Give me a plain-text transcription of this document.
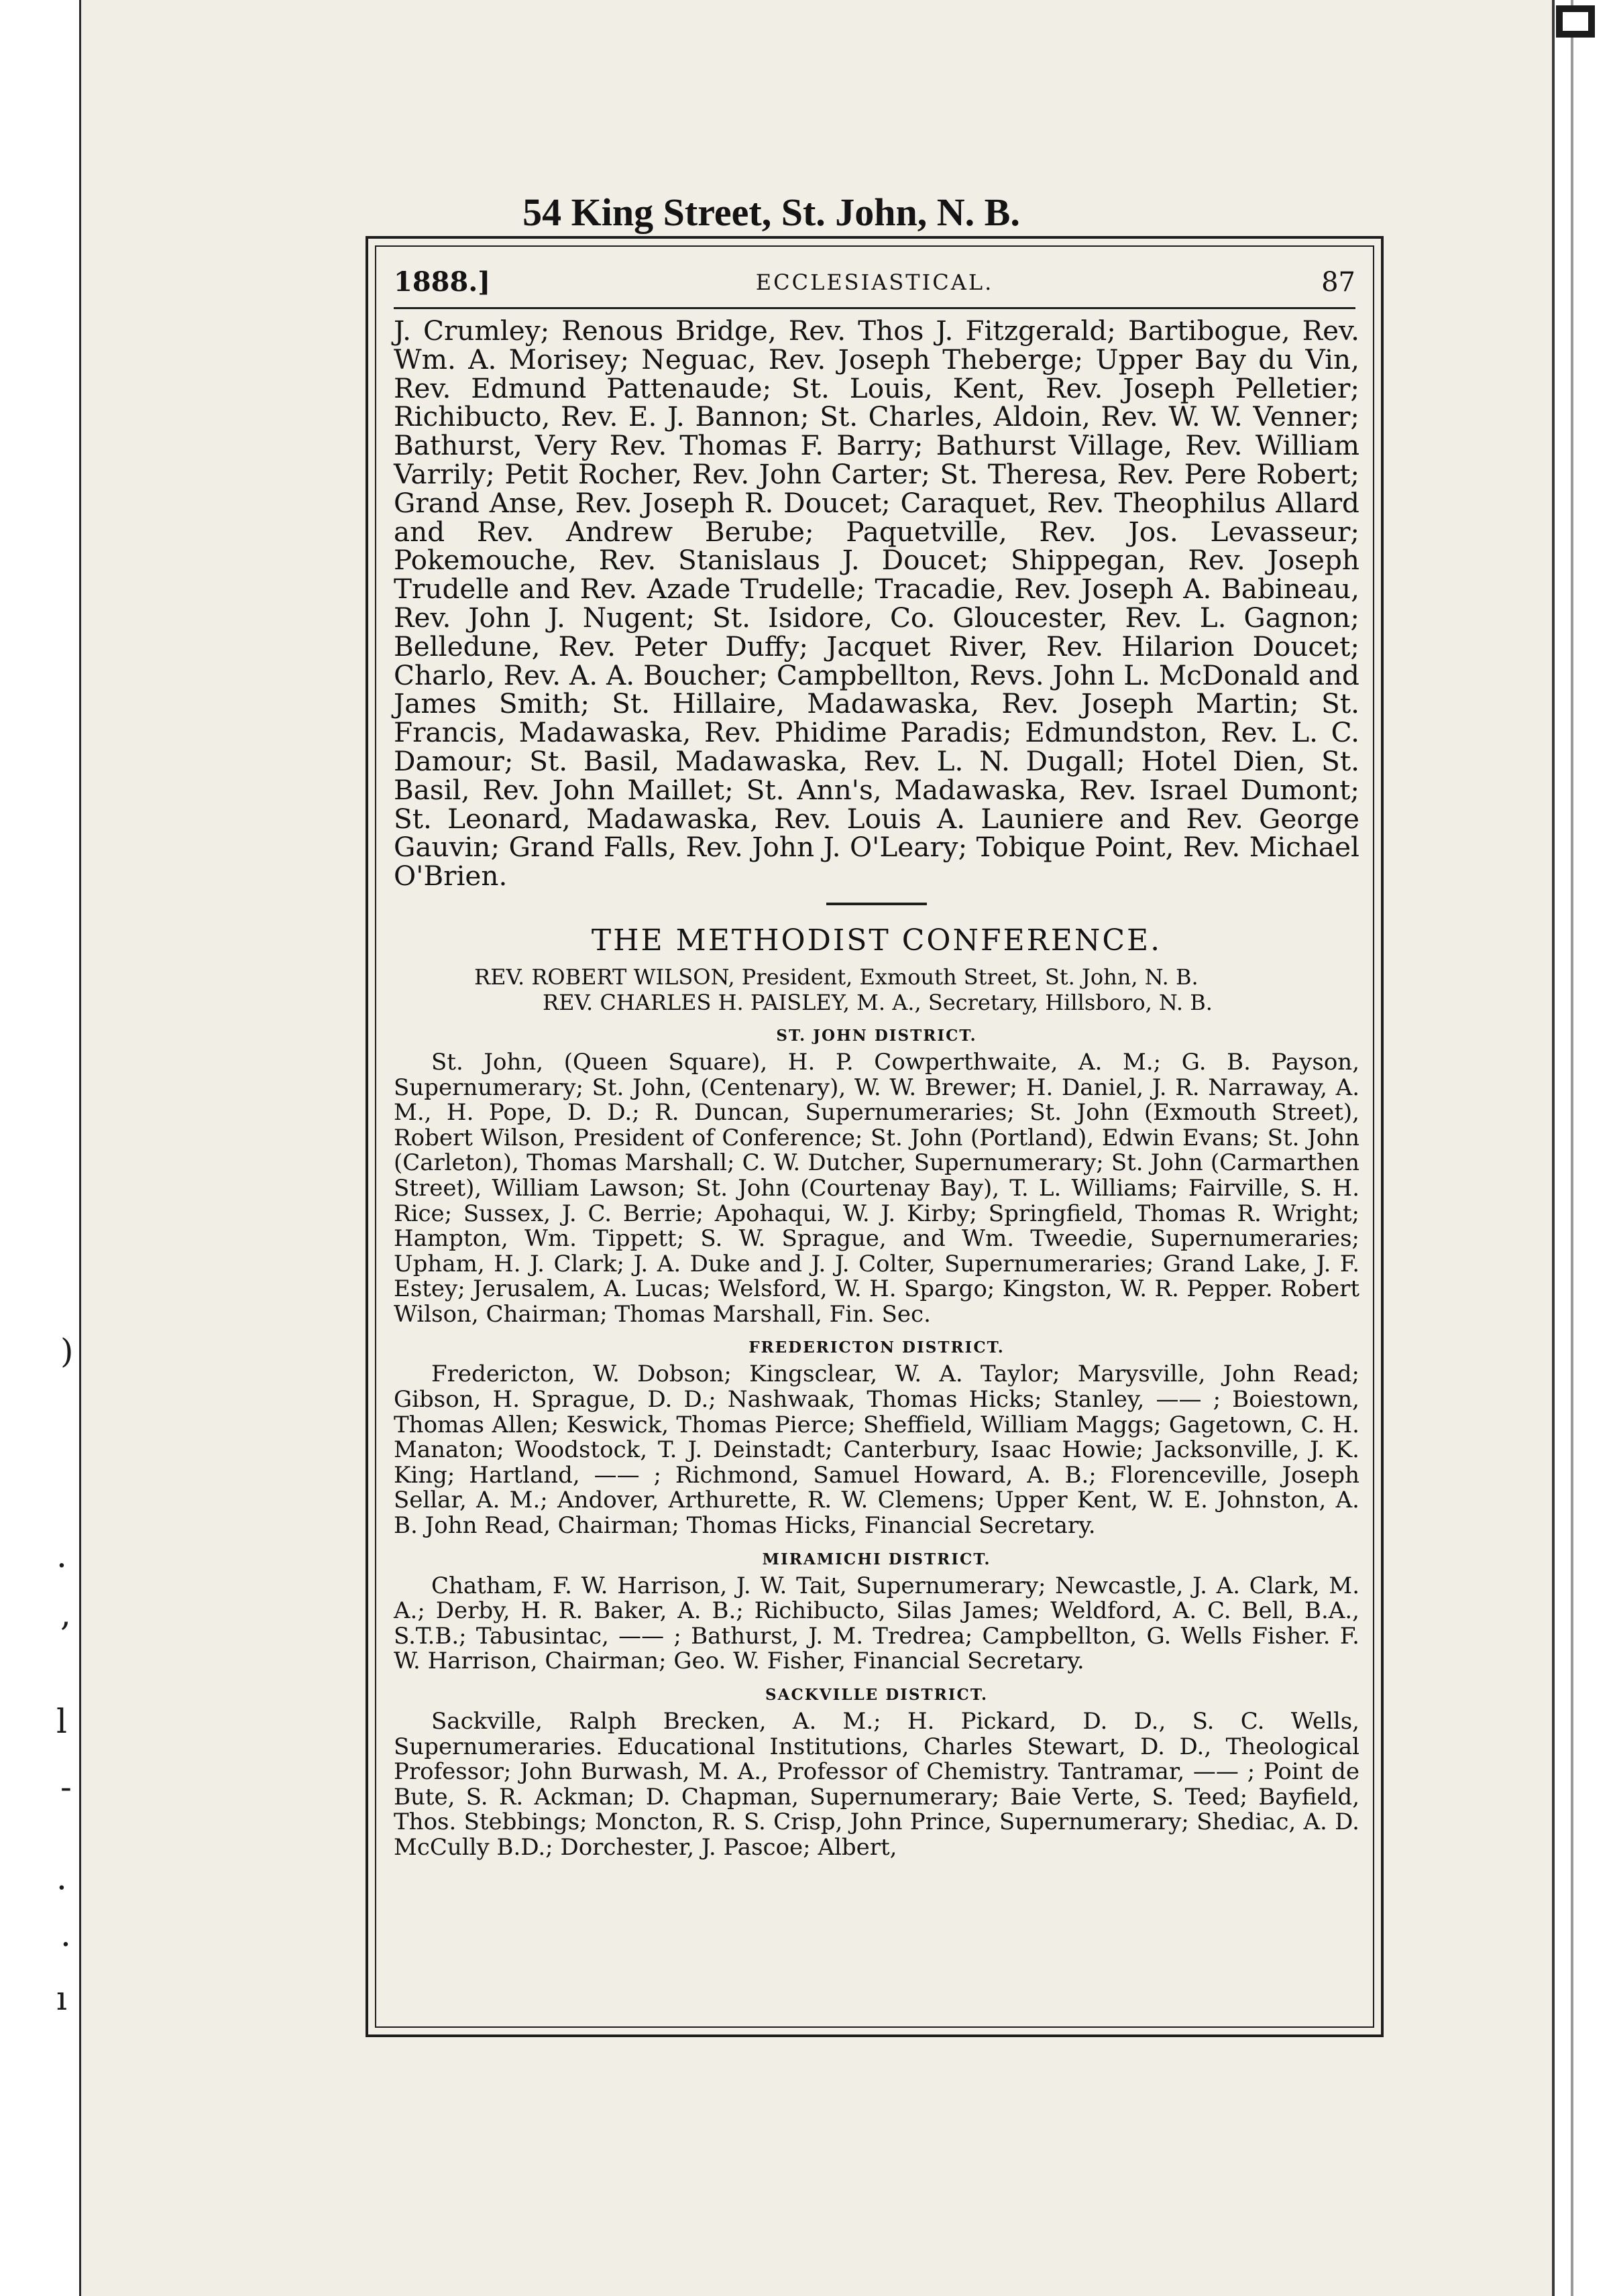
)
.
,
l
-
·
.
ı
54 King Street, St. John, N. B.
1888.]	ECCLESIASTICAL.	87

J. Crumley; Renous Bridge, Rev. Thos J. Fitzgerald; Bartibogue, Rev. Wm. A. Morisey; Neguac, Rev. Joseph Theberge; Upper Bay du Vin, Rev. Edmund Pattenaude; St. Louis, Kent, Rev. Joseph Pelletier; Richibucto, Rev. E. J. Bannon; St. Charles, Aldoin, Rev. W. W. Venner; Bathurst, Very Rev. Thomas F. Barry; Bathurst Village, Rev. William Varrily; Petit Rocher, Rev. John Carter; St. Theresa, Rev. Pere Robert; Grand Anse, Rev. Joseph R. Doucet; Caraquet, Rev. Theophilus Allard and Rev. Andrew Berube; Paquetville, Rev. Jos. Levasseur; Pokemouche, Rev. Stanislaus J. Doucet; Shippegan, Rev. Joseph Trudelle and Rev. Azade Trudelle; Tracadie, Rev. Joseph A. Babineau, Rev. John J. Nugent; St. Isidore, Co. Gloucester, Rev. L. Gagnon; Belledune, Rev. Peter Duffy; Jacquet River, Rev. Hilarion Doucet; Charlo, Rev. A. A. Boucher; Campbellton, Revs. John L. McDonald and James Smith; St. Hillaire, Madawaska, Rev. Joseph Martin; St. Francis, Madawaska, Rev. Phidime Paradis; Edmundston, Rev. L. C. Damour; St. Basil, Madawaska, Rev. L. N. Dugall; Hotel Dien, St. Basil, Rev. John Maillet; St. Ann's, Madawaska, Rev. Israel Dumont; St. Leonard, Madawaska, Rev. Louis A. Launiere and Rev. George Gauvin; Grand Falls, Rev. John J. O'Leary; Tobique Point, Rev. Michael O'Brien.

THE METHODIST CONFERENCE.
REV. ROBERT WILSON, President, Exmouth Street, St. John, N. B.
REV. CHARLES H. PAISLEY, M. A., Secretary, Hillsboro, N. B.
ST. JOHN DISTRICT.

St. John, (Queen Square), H. P. Cowperthwaite, A. M.; G. B. Payson, Supernumerary; St. John, (Centenary), W. W. Brewer; H. Daniel, J. R. Narraway, A. M., H. Pope, D. D.; R. Duncan, Supernumeraries; St. John (Exmouth Street), Robert Wilson, President of Conference; St. John (Portland), Edwin Evans; St. John (Carleton), Thomas Marshall; C. W. Dutcher, Supernumerary; St. John (Carmarthen Street), William Lawson; St. John (Courtenay Bay), T. L. Williams; Fairville, S. H. Rice; Sussex, J. C. Berrie; Apohaqui, W. J. Kirby; Springfield, Thomas R. Wright; Hampton, Wm. Tippett; S. W. Sprague, and Wm. Tweedie, Supernumeraries; Upham, H. J. Clark; J. A. Duke and J. J. Colter, Supernumeraries; Grand Lake, J. F. Estey; Jerusalem, A. Lucas; Welsford, W. H. Spargo; Kingston, W. R. Pepper. Robert Wilson, Chairman; Thomas Marshall, Fin. Sec.

FREDERICTON DISTRICT.

Fredericton, W. Dobson; Kingsclear, W. A. Taylor; Marysville, John Read; Gibson, H. Sprague, D. D.; Nashwaak, Thomas Hicks; Stanley, —— ; Boiestown, Thomas Allen; Keswick, Thomas Pierce; Sheffield, William Maggs; Gagetown, C. H. Manaton; Woodstock, T. J. Deinstadt; Canterbury, Isaac Howie; Jacksonville, J. K. King; Hartland, —— ; Richmond, Samuel Howard, A. B.; Florenceville, Joseph Sellar, A. M.; Andover, Arthurette, R. W. Clemens; Upper Kent, W. E. Johnston, A. B. John Read, Chairman; Thomas Hicks, Financial Secretary.

MIRAMICHI DISTRICT.

Chatham, F. W. Harrison, J. W. Tait, Supernumerary; Newcastle, J. A. Clark, M. A.; Derby, H. R. Baker, A. B.; Richibucto, Silas James; Weldford, A. C. Bell, B.A., S.T.B.; Tabusintac, —— ; Bathurst, J. M. Tredrea; Campbellton, G. Wells Fisher. F. W. Harrison, Chairman; Geo. W. Fisher, Financial Secretary.

SACKVILLE DISTRICT.

Sackville, Ralph Brecken, A. M.; H. Pickard, D. D., S. C. Wells, Supernumeraries. Educational Institutions, Charles Stewart, D. D., Theological Professor; John Burwash, M. A., Professor of Chemistry. Tantramar, —— ; Point de Bute, S. R. Ackman; D. Chapman, Supernumerary; Baie Verte, S. Teed; Bayfield, Thos. Stebbings; Moncton, R. S. Crisp, John Prince, Supernumerary; Shediac, A. D. McCully B.D.; Dorchester, J. Pascoe; Albert,
